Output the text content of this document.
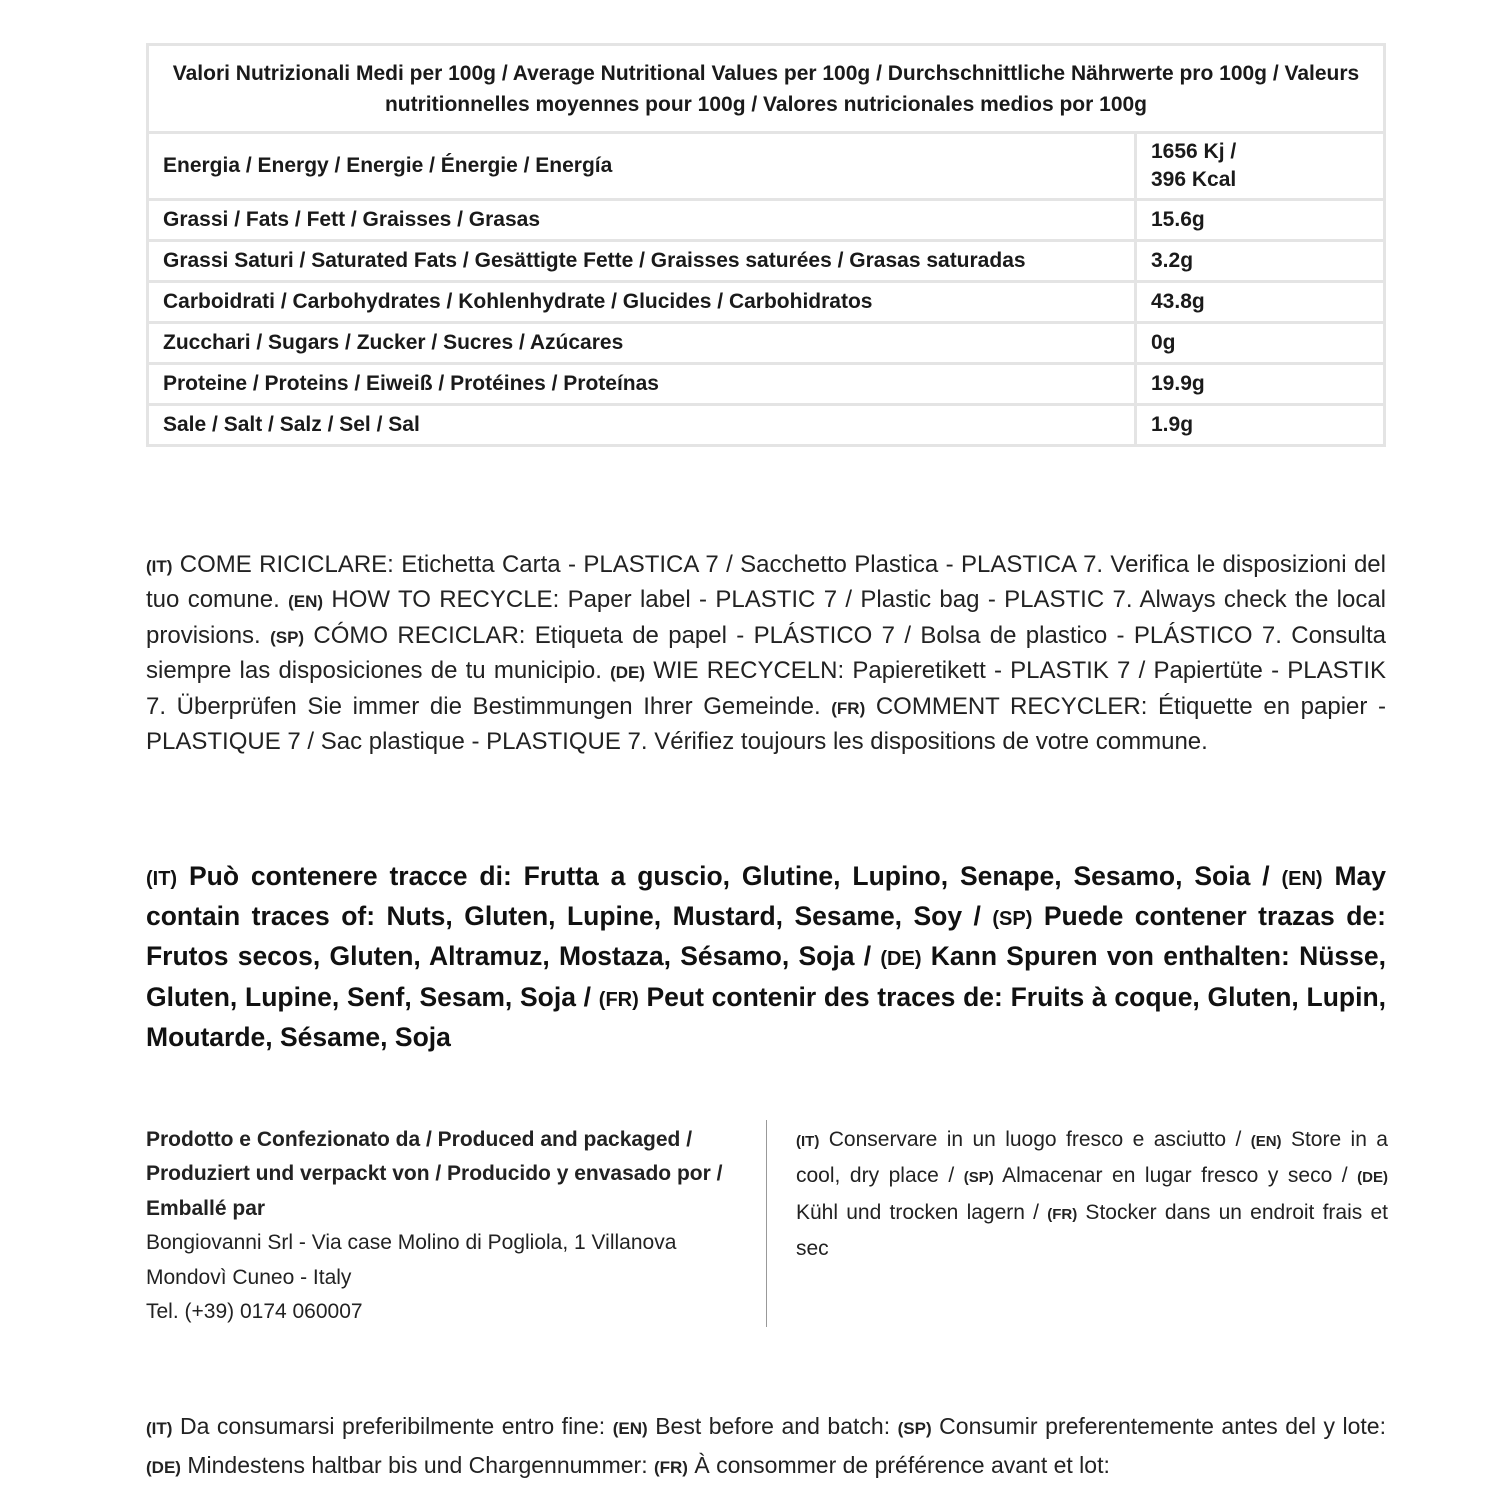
Valori Nutrizionali Medi per 100g / Average Nutritional Values per 100g / Durchschnittliche Nährwerte pro 100g / Valeurs nutritionnelles moyennes pour 100g / Valores nutricionales medios por 100g	
Energia / Energy / Energie / Énergie / Energía	1656 Kj /
396 Kcal
Grassi / Fats / Fett / Graisses / Grasas	15.6g
Grassi Saturi / Saturated Fats / Gesättigte Fette / Graisses saturées / Grasas saturadas	3.2g
Carboidrati / Carbohydrates / Kohlenhydrate / Glucides / Carbohidratos	43.8g
Zucchari / Sugars / Zucker / Sucres / Azúcares	0g
Proteine / Proteins / Eiweiß / Protéines / Proteínas	19.9g
Sale / Salt / Salz / Sel / Sal	1.9g
(IT) COME RICICLARE: Etichetta Carta - PLASTICA 7 / Sacchetto Plastica - PLASTICA 7. Verifica le disposizioni del tuo comune. (EN) HOW TO RECYCLE: Paper label - PLASTIC 7 / Plastic bag - PLASTIC 7. Always check the local provisions. (SP) CÓMO RECICLAR: Etiqueta de papel - PLÁSTICO 7 / Bolsa de plastico - PLÁSTICO 7. Consulta siempre las disposiciones de tu municipio. (DE) WIE RECYCELN: Papieretikett - PLASTIK 7 / Papiertüte - PLASTIK 7. Überprüfen Sie immer die Bestimmungen Ihrer Gemeinde. (FR) COMMENT RECYCLER: Étiquette en papier - PLASTIQUE 7 / Sac plastique - PLASTIQUE 7. Vérifiez toujours les dispositions de votre commune.
(IT) Può contenere tracce di: Frutta a guscio, Glutine, Lupino, Senape, Sesamo, Soia / (EN) May contain traces of: Nuts, Gluten, Lupine, Mustard, Sesame, Soy / (SP) Puede contener trazas de: Frutos secos, Gluten, Altramuz, Mostaza, Sésamo, Soja / (DE) Kann Spuren von enthalten: Nüsse, Gluten, Lupine, Senf, Sesam, Soja / (FR) Peut contenir des traces de: Fruits à coque, Gluten, Lupin, Moutarde, Sésame, Soja
Prodotto e Confezionato da / Produced and packaged / Produziert und verpackt von / Producido y envasado por / Emballé par
Bongiovanni Srl - Via case Molino di Pogliola, 1 Villanova Mondovì Cuneo - Italy
Tel. (+39) 0174 060007
(IT) Conservare in un luogo fresco e asciutto / (EN) Store in a cool, dry place / (SP) Almacenar en lugar fresco y seco / (DE) Kühl und trocken lagern / (FR) Stocker dans un endroit frais et sec
(IT) Da consumarsi preferibilmente entro fine: (EN) Best before and batch: (SP) Consumir preferentemente antes del y lote: (DE) Mindestens haltbar bis und Chargennummer: (FR) À consommer de préférence avant et lot:
